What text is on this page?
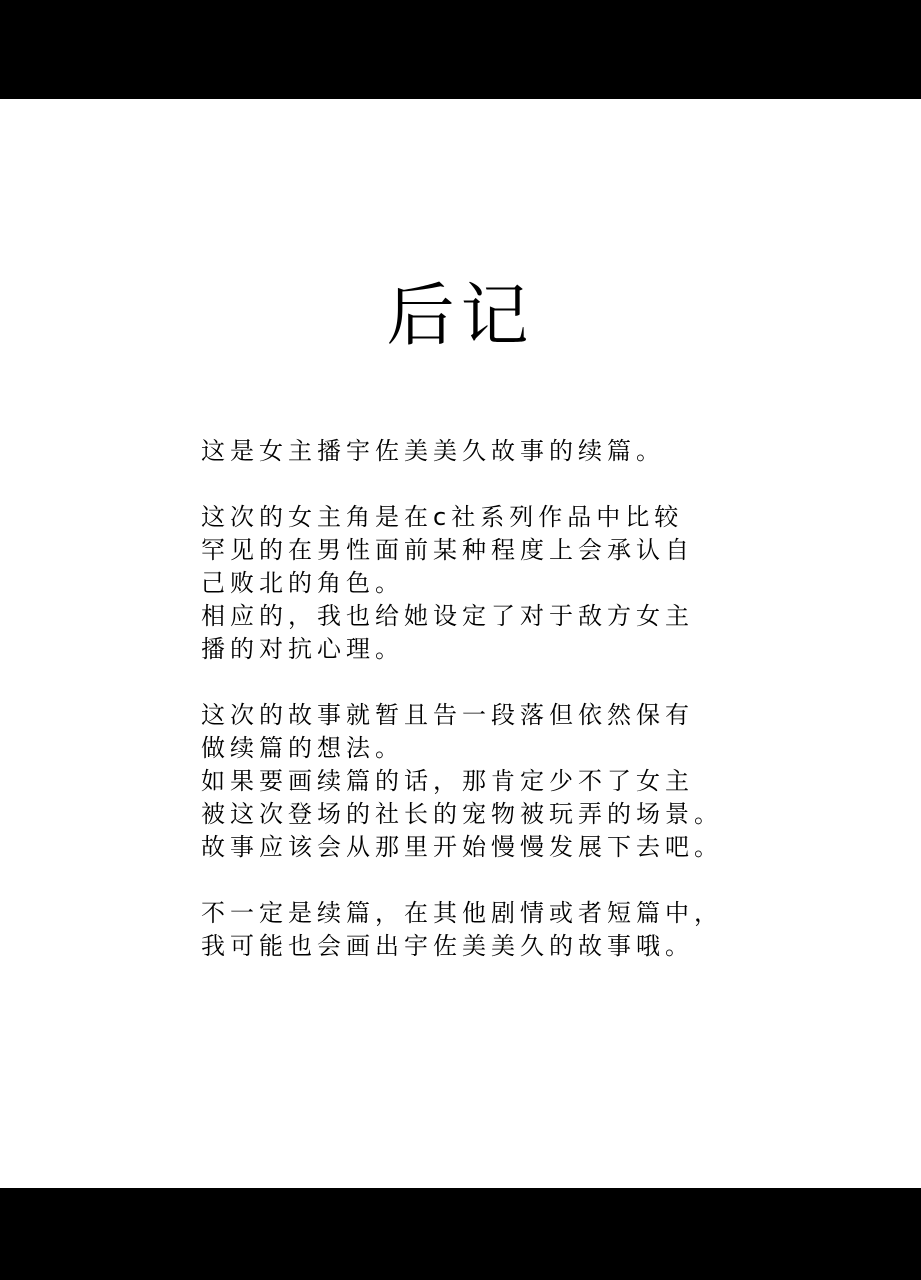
后记
这是女主播宇佐美美久故事的续篇。
这次的女主角是在c社系列作品中比较
罕见的在男性面前某种程度上会承认自
己败北的角色。
相应的，我也给她设定了对于敌方女主
播的对抗心理。
这次的故事就暂且告一段落但依然保有
做续篇的想法。
如果要画续篇的话，那肯定少不了女主
被这次登场的社长的宠物被玩弄的场景。
故事应该会从那里开始慢慢发展下去吧。
不一定是续篇，在其他剧情或者短篇中，
我可能也会画出宇佐美美久的故事哦。
